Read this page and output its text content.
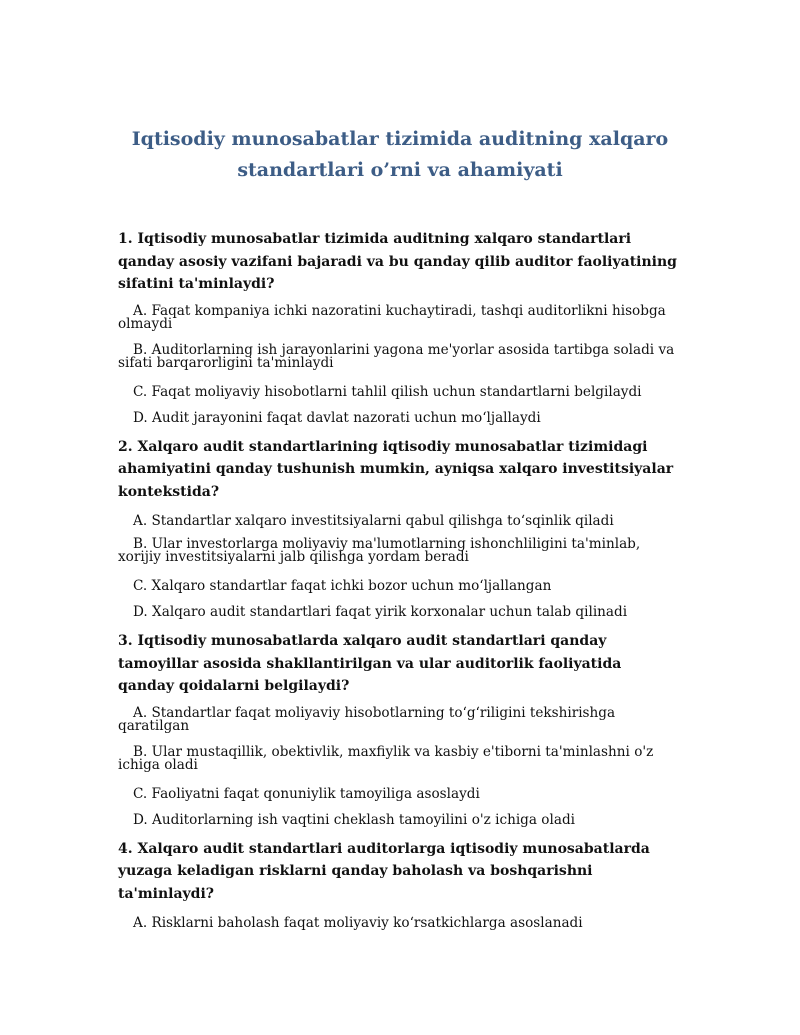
Iqtisodiy munosabatlar tizimida auditning xalqaro
standartlari o’rni va ahamiyati

1. Iqtisodiy munosabatlar tizimida auditning xalqaro standartlari qanday asosiy vazifani bajaradi va bu qanday qilib auditor faoliyatining sifatini ta'minlaydi?

A. Faqat kompaniya ichki nazoratini kuchaytiradi, tashqi auditorlikni hisobga olmaydi

B. Auditorlarning ish jarayonlarini yagona me'yorlar asosida tartibga soladi va sifati barqarorligini ta'minlaydi

C. Faqat moliyaviy hisobotlarni tahlil qilish uchun standartlarni belgilaydi

D. Audit jarayonini faqat davlat nazorati uchun mo‘ljallaydi

2. Xalqaro audit standartlarining iqtisodiy munosabatlar tizimidagi ahamiyatini qanday tushunish mumkin, ayniqsa xalqaro investitsiyalar kontekstida?

A. Standartlar xalqaro investitsiyalarni qabul qilishga to‘sqinlik qiladi

B. Ular investorlarga moliyaviy ma'lumotlarning ishonchliligini ta'minlab, xorijiy investitsiyalarni jalb qilishga yordam beradi

C. Xalqaro standartlar faqat ichki bozor uchun mo‘ljallangan

D. Xalqaro audit standartlari faqat yirik korxonalar uchun talab qilinadi

3. Iqtisodiy munosabatlarda xalqaro audit standartlari qanday tamoyillar asosida shakllantirilgan va ular auditorlik faoliyatida qanday qoidalarni belgilaydi?

A. Standartlar faqat moliyaviy hisobotlarning to‘g‘riligini tekshirishga qaratilgan

B. Ular mustaqillik, obektivlik, maxfiylik va kasbiy e'tiborni ta'minlashni o'z ichiga oladi

C. Faoliyatni faqat qonuniylik tamoyiliga asoslaydi

D. Auditorlarning ish vaqtini cheklash tamoyilini o'z ichiga oladi

4. Xalqaro audit standartlari auditorlarga iqtisodiy munosabatlarda yuzaga keladigan risklarni qanday baholash va boshqarishni ta'minlaydi?

A. Risklarni baholash faqat moliyaviy ko‘rsatkichlarga asoslanadi
